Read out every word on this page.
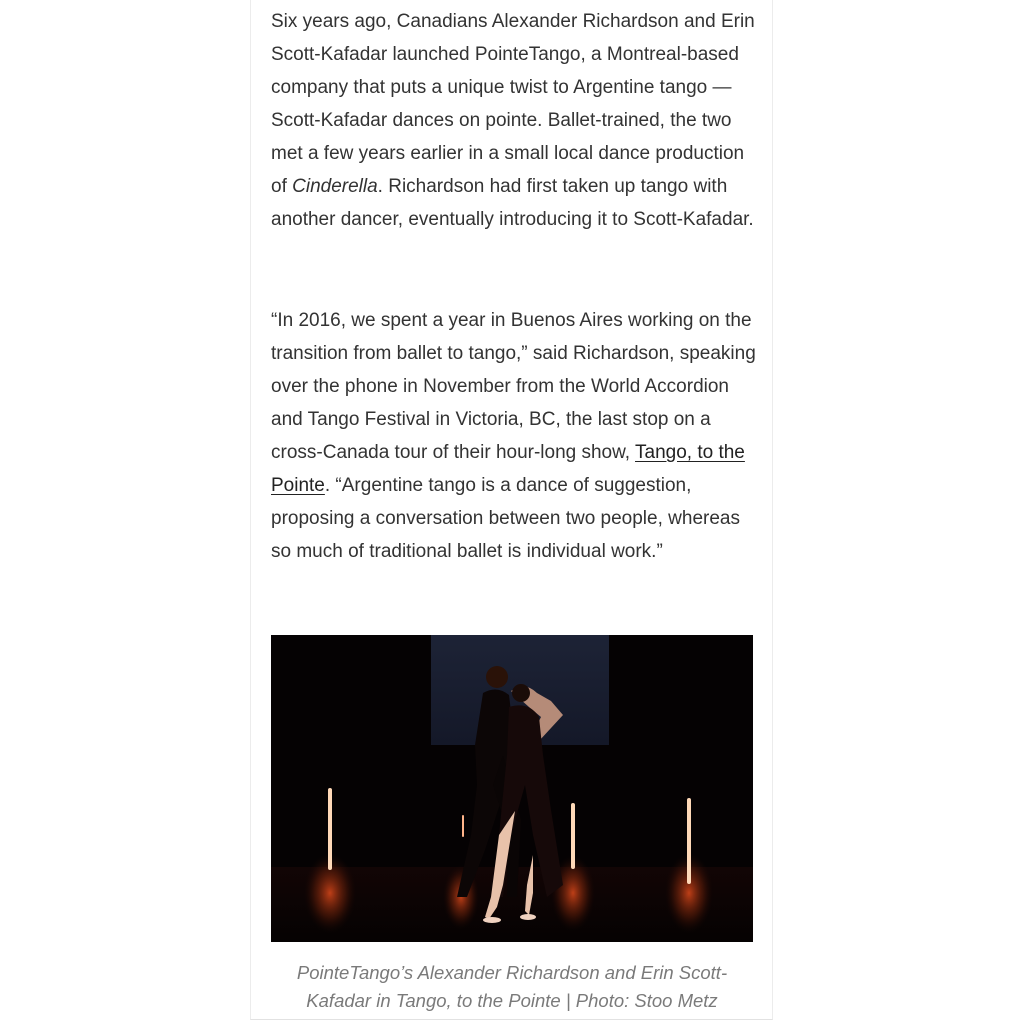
Six years ago, Canadians Alexander Richardson and Erin Scott-Kafadar launched PointeTango, a Montreal-based company that puts a unique twist to Argentine tango — Scott-Kafadar dances on pointe. Ballet-trained, the two met a few years earlier in a small local dance production of Cinderella. Richardson had first taken up tango with another dancer, eventually introducing it to Scott-Kafadar.

“In 2016, we spent a year in Buenos Aires working on the transition from ballet to tango,” said Richardson, speaking over the phone in November from the World Accordion and Tango Festival in Victoria, BC, the last stop on a cross-Canada tour of their hour-long show, Tango, to the Pointe. “Argentine tango is a dance of suggestion, proposing a conversation between two people, whereas so much of traditional ballet is individual work.”

PointeTango’s Alexander Richardson and Erin Scott-Kafadar in Tango, to the Pointe | Photo: Stoo Metz
